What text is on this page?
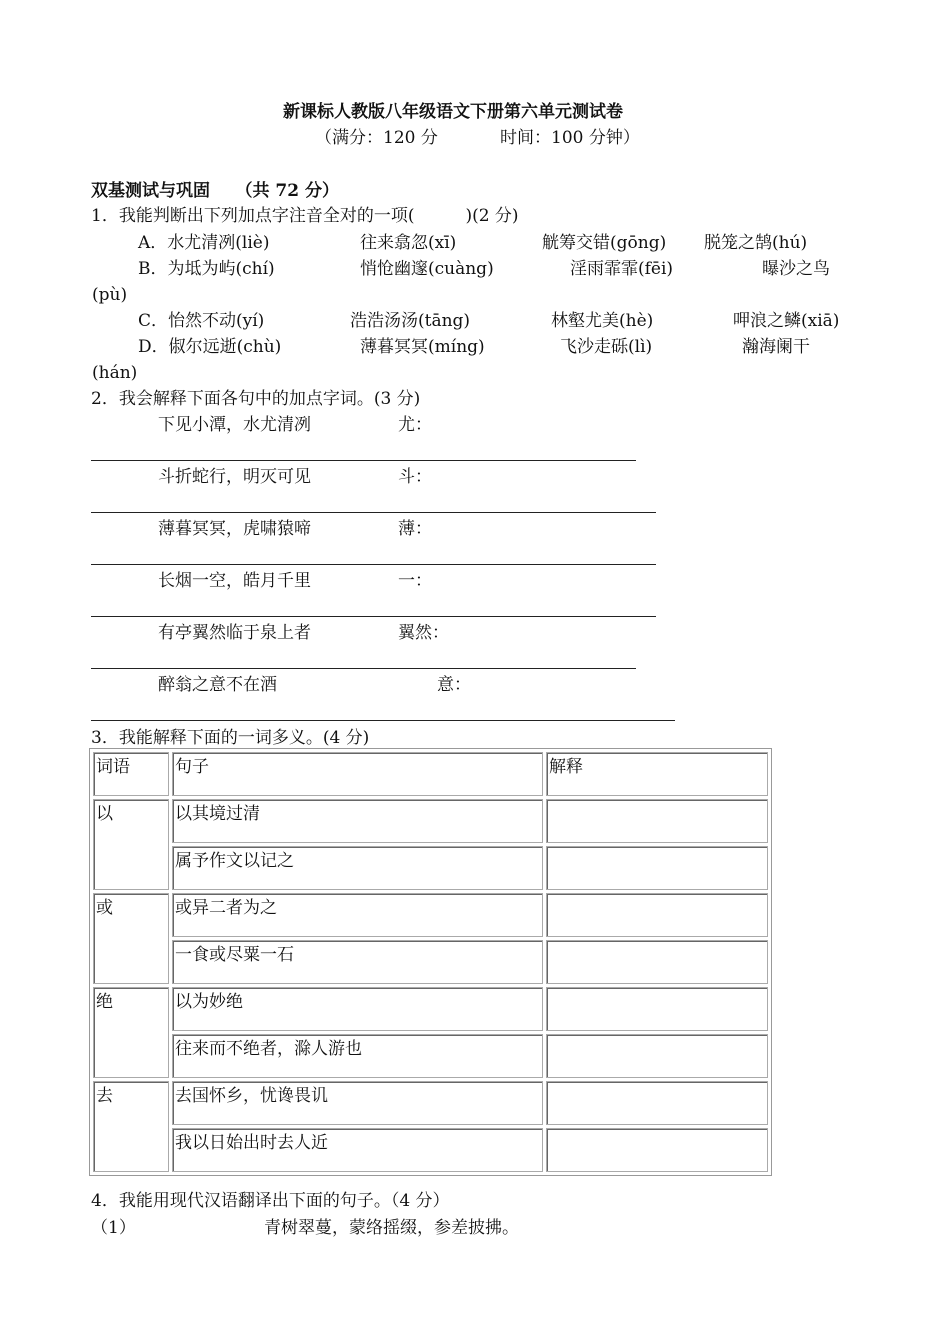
新课标人教版八年级语文下册第六单元测试卷
（满分：120 分	时间：100 分钟）
双基测试与巩固　　（共 72 分）
1．我能判断出下列加点字注音全对的一项(　　　)(2 分)
A．水尤清冽(liè)	往来翕忽(xī)	觥筹交错(gōng) 脱笼之鹄(hú)
B．为坻为屿(chí)	悄怆幽邃(cuàng)	淫雨霏霏(fēi)	曝沙之鸟
(pù)
C．怡然不动(yí)	浩浩汤汤(tāng)	林壑尤美(hè)	呷浪之鳞(xiā)
D．俶尔远逝(chù)	薄暮冥冥(míng)	飞沙走砾(lì)	瀚海阑干
(hán)
2．我会解释下面各句中的加点字词。(3 分)
下见小潭，水尤清冽	尤：
斗折蛇行，明灭可见	斗：
薄暮冥冥，虎啸猿啼	薄：
长烟一空，皓月千里	一：
有亭翼然临于泉上者	翼然：
醉翁之意不在酒	意：
3．我能解释下面的一词多义。(4 分)
词语	句子	解释
以	以其境过清	
	属予作文以记之	
或	或异二者为之	
	一食或尽粟一石	
绝	以为妙绝	
	往来而不绝者，滁人游也	
去	去国怀乡，忧谗畏讥	
	我以日始出时去人近	
4．我能用现代汉语翻译出下面的句子。（4 分）
（1）	青树翠蔓，蒙络摇缀，参差披拂。
